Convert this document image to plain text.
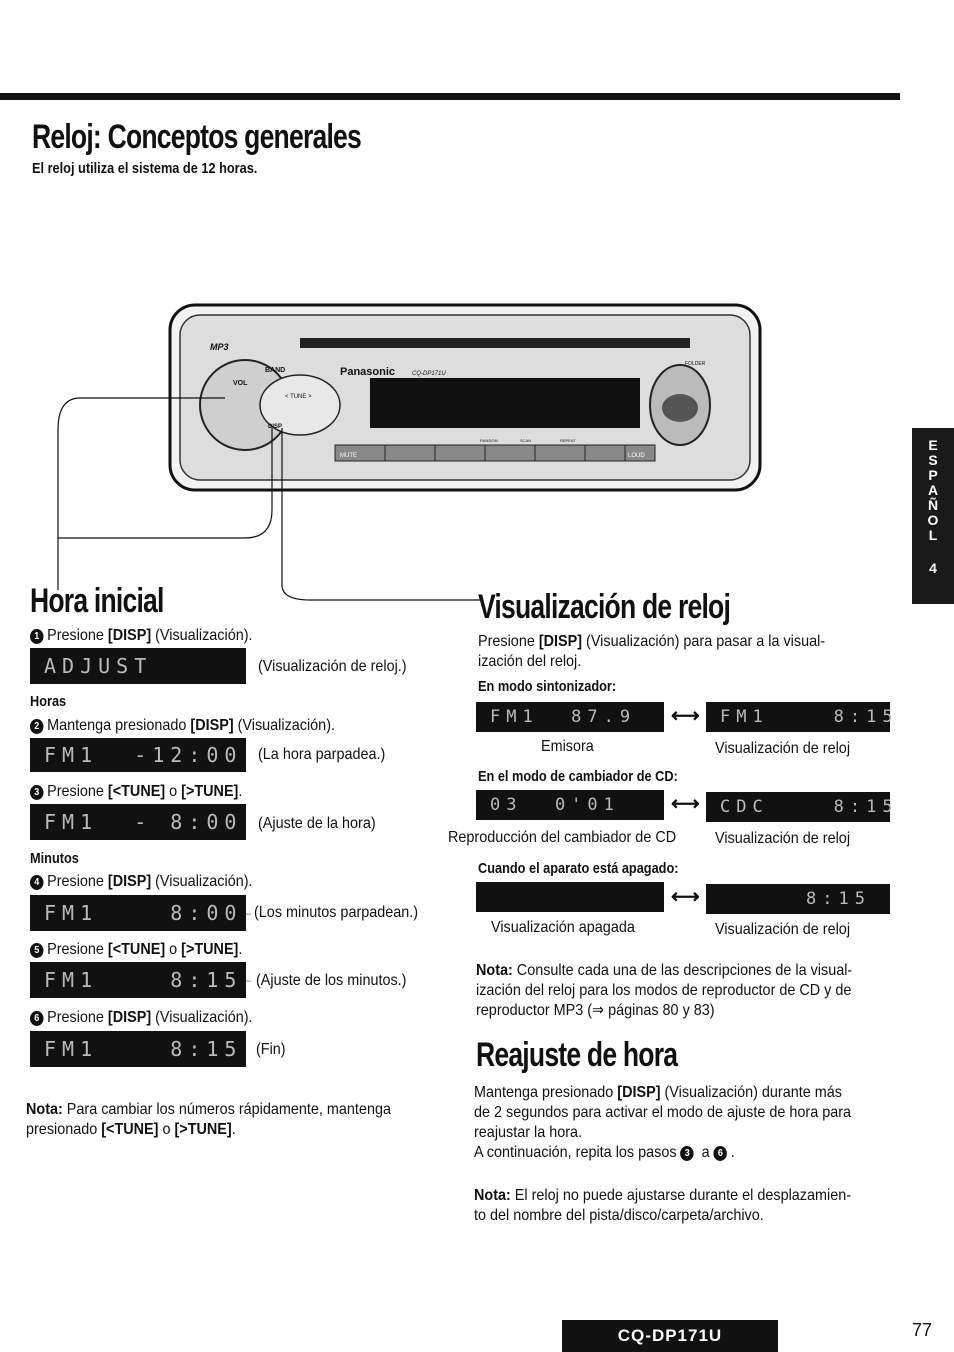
Reloj: Conceptos generales
El reloj utiliza el sistema de 12 horas.
E
S
P
A
Ñ
O
L
4
MP3
Panasonic	CQ-DP171U
BAND
VOL
< TUNE >
DISP
FOLDER
MUTE	LOUD
RANDOM	SCAN	REPEAT
Hora inicial
1 Presione [DISP] (Visualización).
ADJUST	(Visualización de reloj.)
Horas
2 Mantenga presionado [DISP] (Visualización).
FM1  -12:00 (La hora parpadea.)
3 Presione [<TUNE] o [>TUNE].
FM1  - 8:00 (Ajuste de la hora)
Minutos
4 Presione [DISP] (Visualización).
FM1    8:00-
(Los minutos parpadean.)
5 Presione [<TUNE] o [>TUNE].
FM1    8:15-
(Ajuste de los minutos.)
6 Presione [DISP] (Visualización).
FM1    8:15 (Fin)
Nota: Para cambiar los números rápidamente, mantenga
presionado [<TUNE] o [>TUNE].
Visualización de reloj
Presione [DISP] (Visualización) para pasar a la visual-
ización del reloj.
En modo sintonizador:
FM1  87.9	⟷	FM1    8:15
Emisora	Visualización de reloj
En el modo de cambiador de CD:
03  0'01	⟷	CDC    8:15
Reproducción del cambiador de CD Visualización de reloj
Cuando el aparato está apagado:
⟷	8:15
Visualización apagada	Visualización de reloj
Nota: Consulte cada una de las descripciones de la visual-
ización del reloj para los modos de reproductor de CD y de
reproductor MP3 (⇒ páginas 80 y 83)
Reajuste de hora
Mantenga presionado [DISP] (Visualización) durante más
de 2 segundos para activar el modo de ajuste de hora para
reajustar la hora.
A continuación, repita los pasos 3 a 6 .
Nota: El reloj no puede ajustarse durante el desplazamien-
to del nombre del pista/disco/carpeta/archivo.
CQ-DP171U	77
